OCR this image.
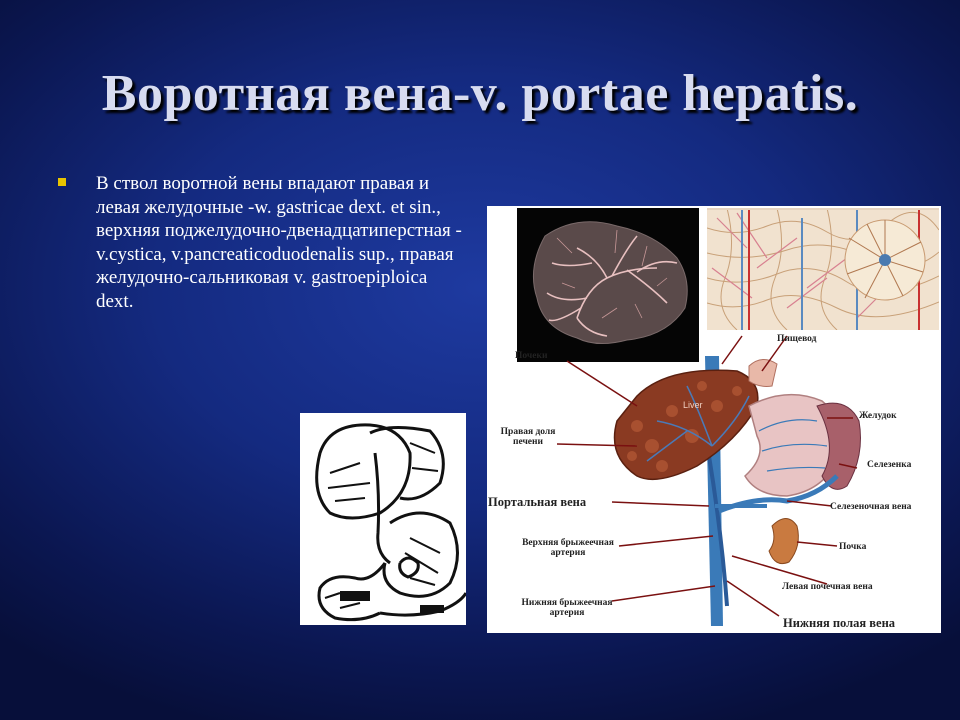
Воротная вена-v. portae hepatis.
В ствол воротной вены впадают правая и левая желудочные -w. gastricae dext. et sin., верхняя поджелудочно-двенадцатиперстная -v.cystica, v.pancreaticoduodenalis sup., правая желудочно-сальниковая v. gastroepiploica dext.
Liver
Почеки
Пищевод
Правая доля
печени
Желудок
Селезенка
Портальная вена	Селезеночная вена
Верхняя брыжеечная
артерия
Почка
Левая почечная вена
Нижняя брыжеечная
артерия
Нижняя полая вена
